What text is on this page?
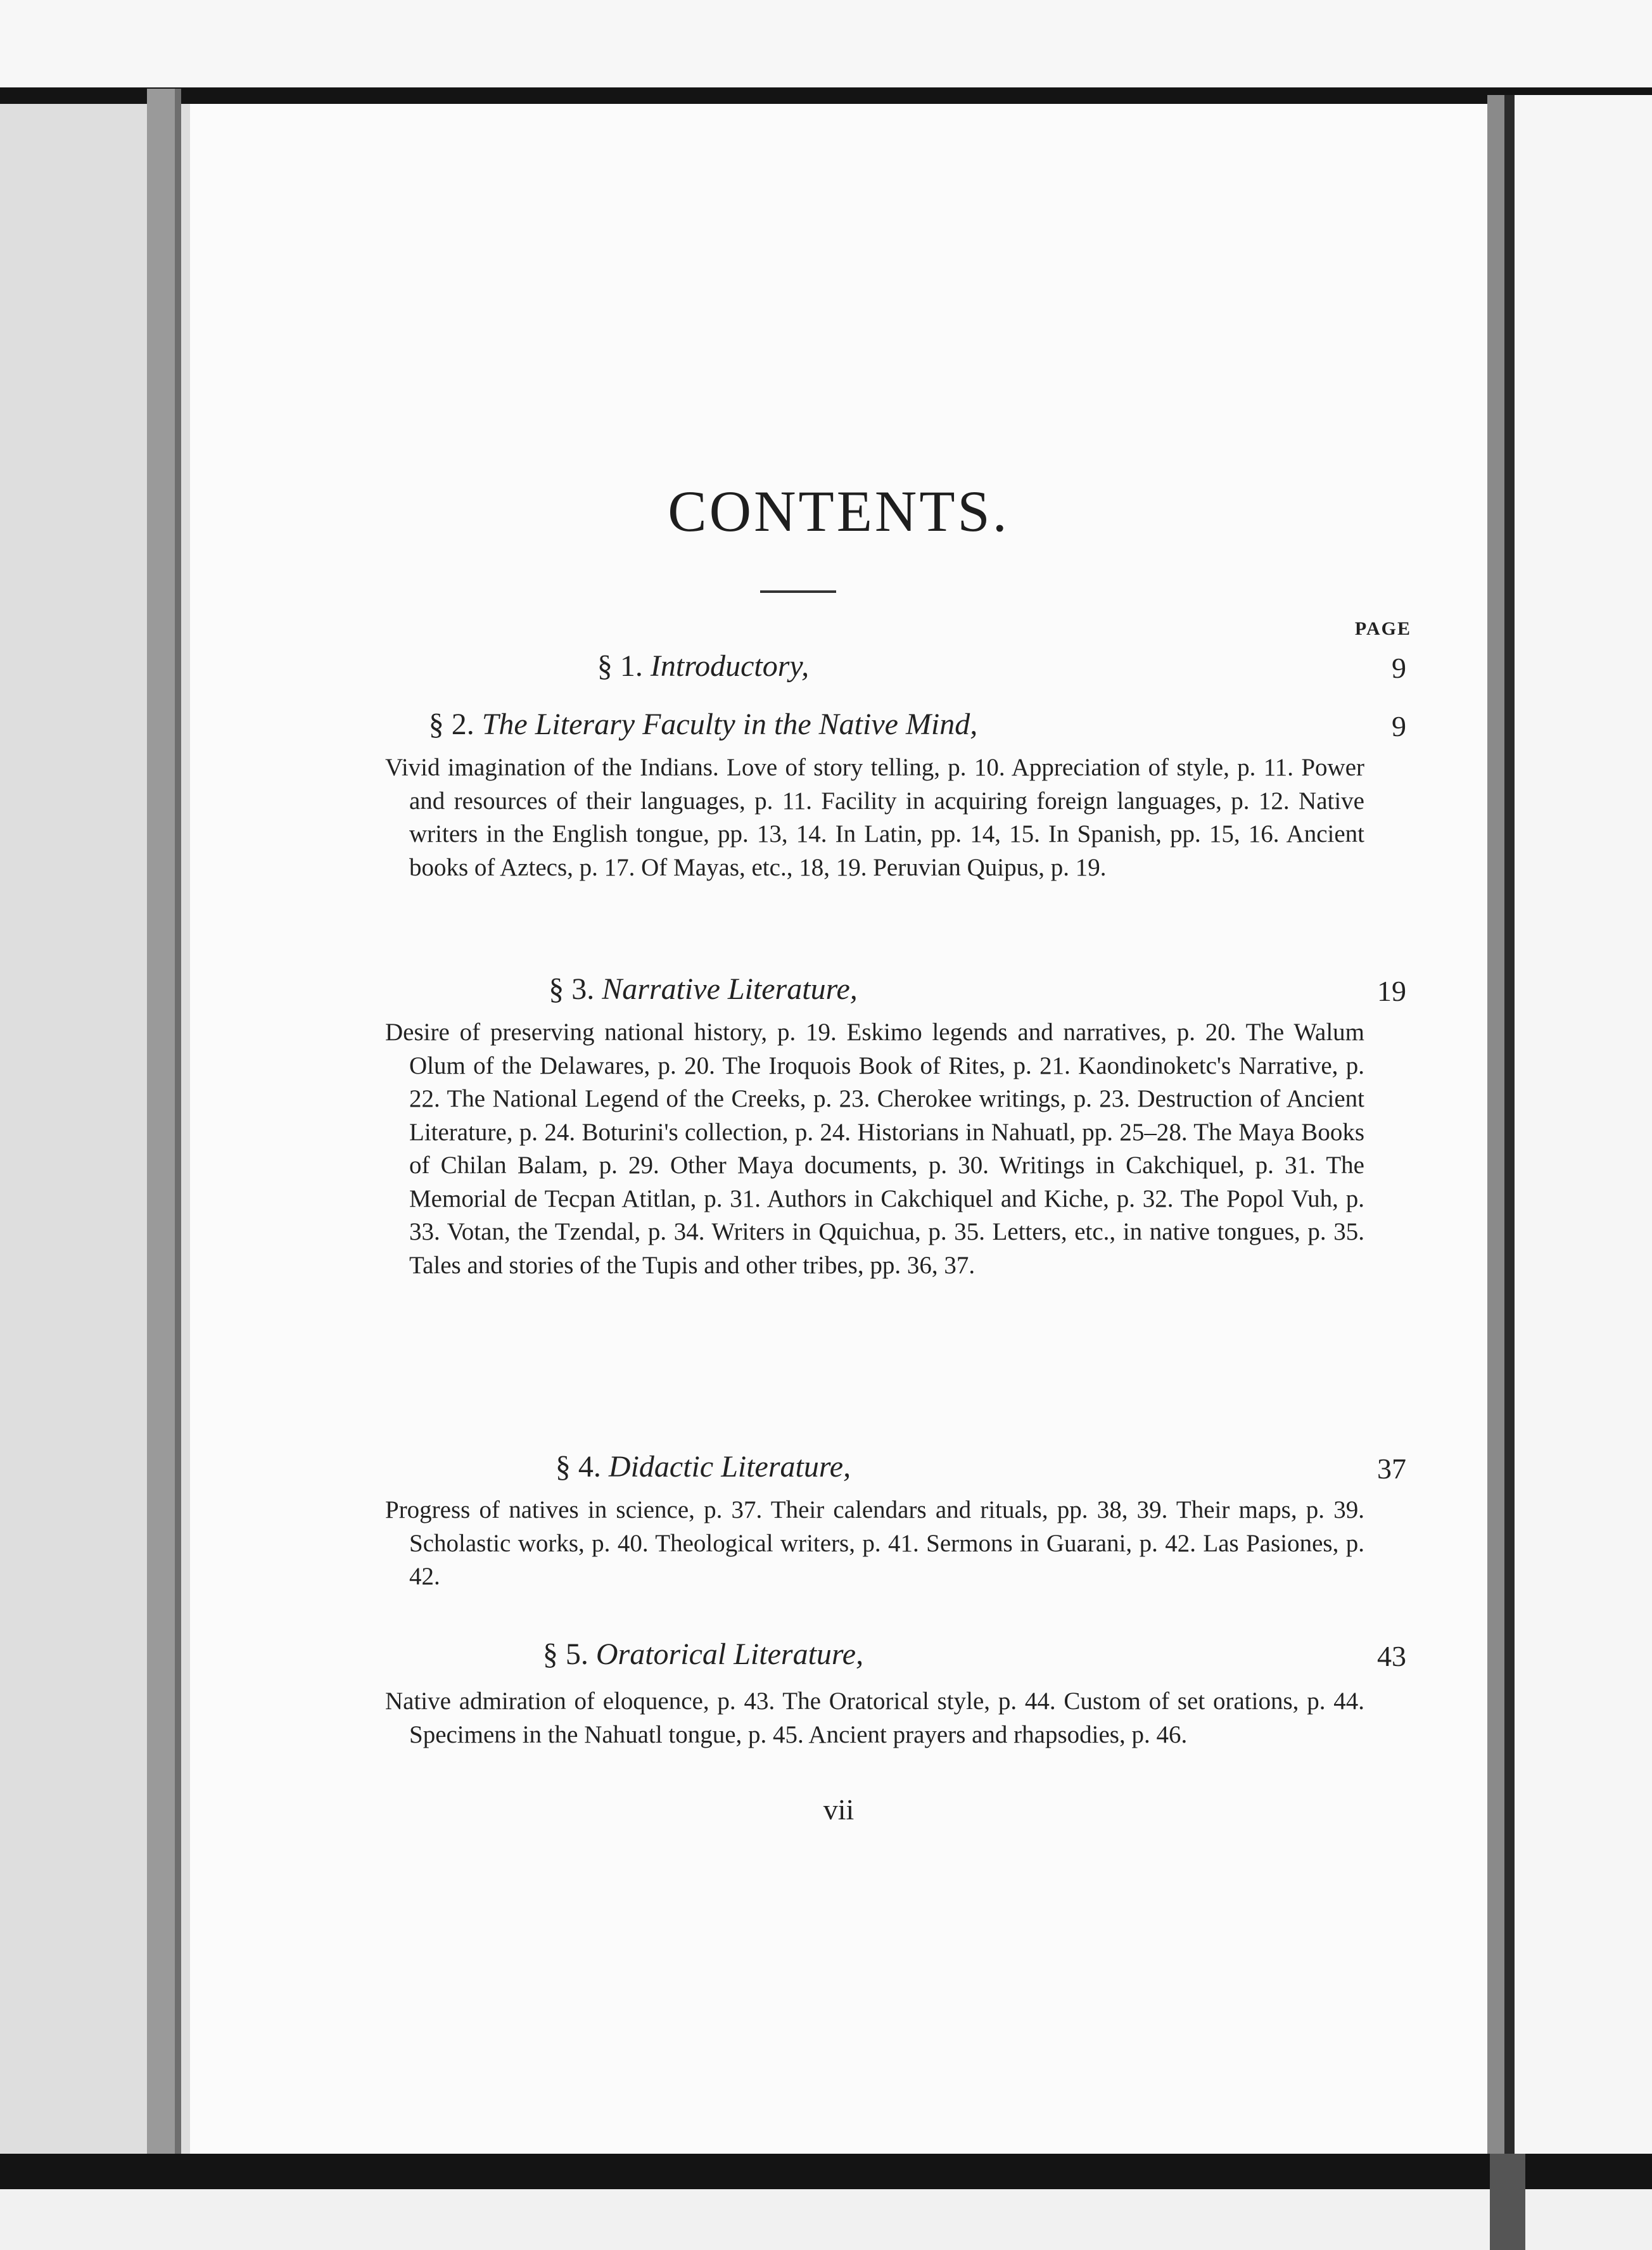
CONTENTS.
PAGE
§ 1. Introductory,	9
§ 2. The Literary Faculty in the Native Mind,	9
Vivid imagination of the Indians. Love of story telling, p. 10. Appreciation of style, p. 11. Power and resources of their languages, p. 11. Facility in acquiring foreign languages, p. 12. Native writers in the English tongue, pp. 13, 14. In Latin, pp. 14, 15. In Spanish, pp. 15, 16. Ancient books of Aztecs, p. 17. Of Mayas, etc., 18, 19. Peruvian Quipus, p. 19.
§ 3. Narrative Literature,	19
Desire of preserving national history, p. 19. Eskimo legends and narratives, p. 20. The Walum Olum of the Delawares, p. 20. The Iroquois Book of Rites, p. 21. Kaondinoketc's Narrative, p. 22. The National Legend of the Creeks, p. 23. Cherokee writings, p. 23. Destruction of Ancient Literature, p. 24. Boturini's collection, p. 24. Historians in Nahuatl, pp. 25–28. The Maya Books of Chilan Balam, p. 29. Other Maya documents, p. 30. Writings in Cakchiquel, p. 31. The Memorial de Tecpan Atitlan, p. 31. Authors in Cakchiquel and Kiche, p. 32. The Popol Vuh, p. 33. Votan, the Tzendal, p. 34. Writers in Qquichua, p. 35. Letters, etc., in native tongues, p. 35. Tales and stories of the Tupis and other tribes, pp. 36, 37.
§ 4. Didactic Literature,	37
Progress of natives in science, p. 37. Their calendars and rituals, pp. 38, 39. Their maps, p. 39. Scholastic works, p. 40. Theological writers, p. 41. Sermons in Guarani, p. 42. Las Pasiones, p. 42.
§ 5. Oratorical Literature,	43
Native admiration of eloquence, p. 43. The Oratorical style, p. 44. Custom of set orations, p. 44. Specimens in the Nahuatl tongue, p. 45. Ancient prayers and rhapsodies, p. 46.
vii
